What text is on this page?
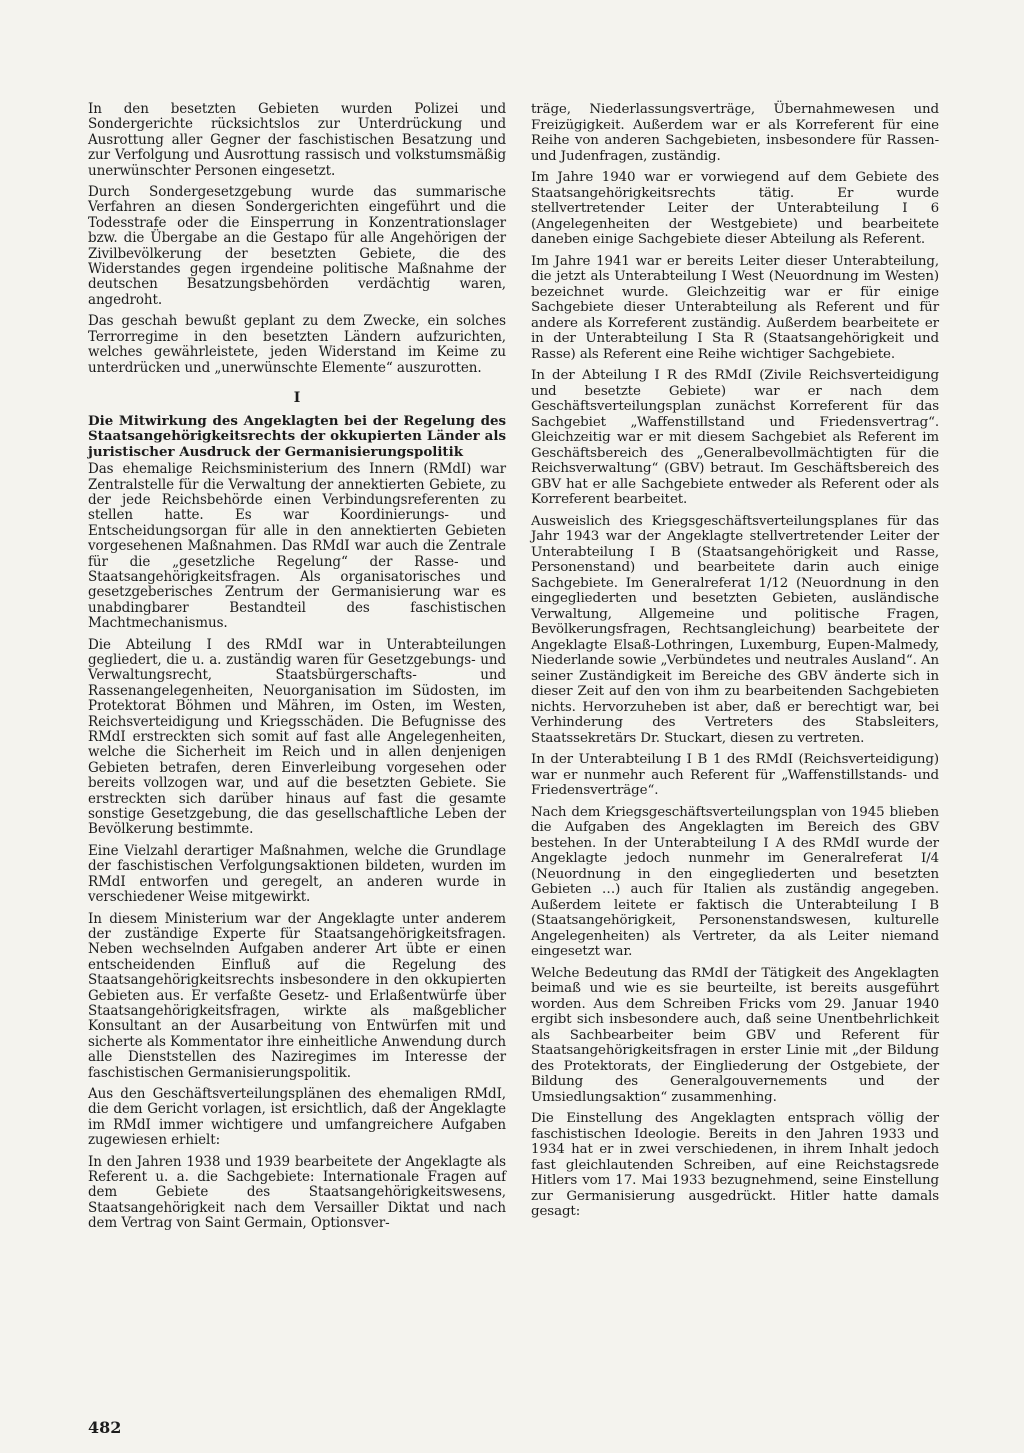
In den besetzten Gebieten wurden Polizei und Sondergerichte rücksichtslos zur Unterdrückung und Ausrottung aller Gegner der faschistischen Besatzung und zur Verfolgung und Ausrottung rassisch und volkstumsmäßig unerwünschter Personen eingesetzt.

Durch Sondergesetzgebung wurde das summarische Verfahren an diesen Sondergerichten eingeführt und die Todesstrafe oder die Einsperrung in Konzentrationslager bzw. die Übergabe an die Gestapo für alle Angehörigen der Zivilbevölkerung der besetzten Gebiete, die des Widerstandes gegen irgendeine politische Maßnahme der deutschen Besatzungsbehörden verdächtig waren, angedroht.

Das geschah bewußt geplant zu dem Zwecke, ein solches Terrorregime in den besetzten Ländern aufzurichten, welches gewährleistete, jeden Widerstand im Keime zu unterdrücken und „unerwünschte Elemente“ auszurotten.

I
Die Mitwirkung des Angeklagten bei der Regelung des Staatsangehörigkeitsrechts der okkupierten Länder als juristischer Ausdruck der Germanisierungspolitik

Das ehemalige Reichsministerium des Innern (RMdI) war Zentralstelle für die Verwaltung der annektierten Gebiete, zu der jede Reichsbehörde einen Verbindungsreferenten zu stellen hatte. Es war Koordinierungs- und Entscheidungsorgan für alle in den annektierten Gebieten vorgesehenen Maßnahmen. Das RMdI war auch die Zentrale für die „gesetzliche Regelung“ der Rasse- und Staatsangehörigkeitsfragen. Als organisatorisches und gesetzgeberisches Zentrum der Germanisierung war es unabdingbarer Bestandteil des faschistischen Machtmechanismus.

Die Abteilung I des RMdI war in Unterabteilungen gegliedert, die u. a. zuständig waren für Gesetzgebungs- und Verwaltungsrecht, Staatsbürgerschafts- und Rassenangelegenheiten, Neuorganisation im Südosten, im Protektorat Böhmen und Mähren, im Osten, im Westen, Reichsverteidigung und Kriegsschäden. Die Befugnisse des RMdI erstreckten sich somit auf fast alle Angelegenheiten, welche die Sicherheit im Reich und in allen denjenigen Gebieten betrafen, deren Einverleibung vorgesehen oder bereits vollzogen war, und auf die besetzten Gebiete. Sie erstreckten sich darüber hinaus auf fast die gesamte sonstige Gesetzgebung, die das gesellschaftliche Leben der Bevölkerung bestimmte.

Eine Vielzahl derartiger Maßnahmen, welche die Grundlage der faschistischen Verfolgungsaktionen bildeten, wurden im RMdI entworfen und geregelt, an anderen wurde in verschiedener Weise mitgewirkt.

In diesem Ministerium war der Angeklagte unter anderem der zuständige Experte für Staatsangehörigkeitsfragen. Neben wechselnden Aufgaben anderer Art übte er einen entscheidenden Einfluß auf die Regelung des Staatsangehörigkeitsrechts insbesondere in den okkupierten Gebieten aus. Er verfaßte Gesetz- und Erlaßentwürfe über Staatsangehörigkeitsfragen, wirkte als maßgeblicher Konsultant an der Ausarbeitung von Entwürfen mit und sicherte als Kommentator ihre einheitliche Anwendung durch alle Dienststellen des Naziregimes im Interesse der faschistischen Germanisierungspolitik.

Aus den Geschäftsverteilungsplänen des ehemaligen RMdI, die dem Gericht vorlagen, ist ersichtlich, daß der Angeklagte im RMdI immer wichtigere und umfangreichere Aufgaben zugewiesen erhielt:

In den Jahren 1938 und 1939 bearbeitete der Angeklagte als Referent u. a. die Sachgebiete: Internationale Fragen auf dem Gebiete des Staatsangehörigkeitswesens, Staatsangehörigkeit nach dem Versailler Diktat und nach dem Vertrag von Saint Germain, Optionsver-

träge, Niederlassungsverträge, Übernahmewesen und Freizügigkeit. Außerdem war er als Korreferent für eine Reihe von anderen Sachgebieten, insbesondere für Rassen- und Judenfragen, zuständig.

Im Jahre 1940 war er vorwiegend auf dem Gebiete des Staatsangehörigkeitsrechts tätig. Er wurde stellvertretender Leiter der Unterabteilung I 6 (Angelegenheiten der Westgebiete) und bearbeitete daneben einige Sachgebiete dieser Abteilung als Referent.

Im Jahre 1941 war er bereits Leiter dieser Unterabteilung, die jetzt als Unterabteilung I West (Neuordnung im Westen) bezeichnet wurde. Gleichzeitig war er für einige Sachgebiete dieser Unterabteilung als Referent und für andere als Korreferent zuständig. Außerdem bearbeitete er in der Unterabteilung I Sta R (Staatsangehörigkeit und Rasse) als Referent eine Reihe wichtiger Sachgebiete.

In der Abteilung I R des RMdI (Zivile Reichsverteidigung und besetzte Gebiete) war er nach dem Geschäftsverteilungsplan zunächst Korreferent für das Sachgebiet „Waffenstillstand und Friedensvertrag“. Gleichzeitig war er mit diesem Sachgebiet als Referent im Geschäftsbereich des „Generalbevollmächtigten für die Reichsverwaltung“ (GBV) betraut. Im Geschäftsbereich des GBV hat er alle Sachgebiete entweder als Referent oder als Korreferent bearbeitet.

Ausweislich des Kriegsgeschäftsverteilungsplanes für das Jahr 1943 war der Angeklagte stellvertretender Leiter der Unterabteilung I B (Staatsangehörigkeit und Rasse, Personenstand) und bearbeitete darin auch einige Sachgebiete. Im Generalreferat 1/12 (Neuordnung in den eingegliederten und besetzten Gebieten, ausländische Verwaltung, Allgemeine und politische Fragen, Bevölkerungsfragen, Rechtsangleichung) bearbeitete der Angeklagte Elsaß-Lothringen, Luxemburg, Eupen-Malmedy, Niederlande sowie „Verbündetes und neutrales Ausland“. An seiner Zuständigkeit im Bereiche des GBV änderte sich in dieser Zeit auf den von ihm zu bearbeitenden Sachgebieten nichts. Hervorzuheben ist aber, daß er berechtigt war, bei Verhinderung des Vertreters des Stabsleiters, Staatssekretärs Dr. Stuckart, diesen zu vertreten.

In der Unterabteilung I B 1 des RMdI (Reichsverteidigung) war er nunmehr auch Referent für „Waffenstillstands- und Friedensverträge“.

Nach dem Kriegsgeschäftsverteilungsplan von 1945 blieben die Aufgaben des Angeklagten im Bereich des GBV bestehen. In der Unterabteilung I A des RMdI wurde der Angeklagte jedoch nunmehr im Generalreferat I/4 (Neuordnung in den eingegliederten und besetzten Gebieten …) auch für Italien als zuständig angegeben. Außerdem leitete er faktisch die Unterabteilung I B (Staatsangehörigkeit, Personenstandswesen, kulturelle Angelegenheiten) als Vertreter, da als Leiter niemand eingesetzt war.

Welche Bedeutung das RMdI der Tätigkeit des Angeklagten beimaß und wie es sie beurteilte, ist bereits ausgeführt worden. Aus dem Schreiben Fricks vom 29. Januar 1940 ergibt sich insbesondere auch, daß seine Unentbehrlichkeit als Sachbearbeiter beim GBV und Referent für Staatsangehörigkeitsfragen in erster Linie mit „der Bildung des Protektorats, der Eingliederung der Ostgebiete, der Bildung des Generalgouvernements und der Umsiedlungsaktion“ zusammenhing.

Die Einstellung des Angeklagten entsprach völlig der faschistischen Ideologie. Bereits in den Jahren 1933 und 1934 hat er in zwei verschiedenen, in ihrem Inhalt jedoch fast gleichlautenden Schreiben, auf eine Reichstagsrede Hitlers vom 17. Mai 1933 bezugnehmend, seine Einstellung zur Germanisierung ausgedrückt. Hitler hatte damals gesagt:

482
